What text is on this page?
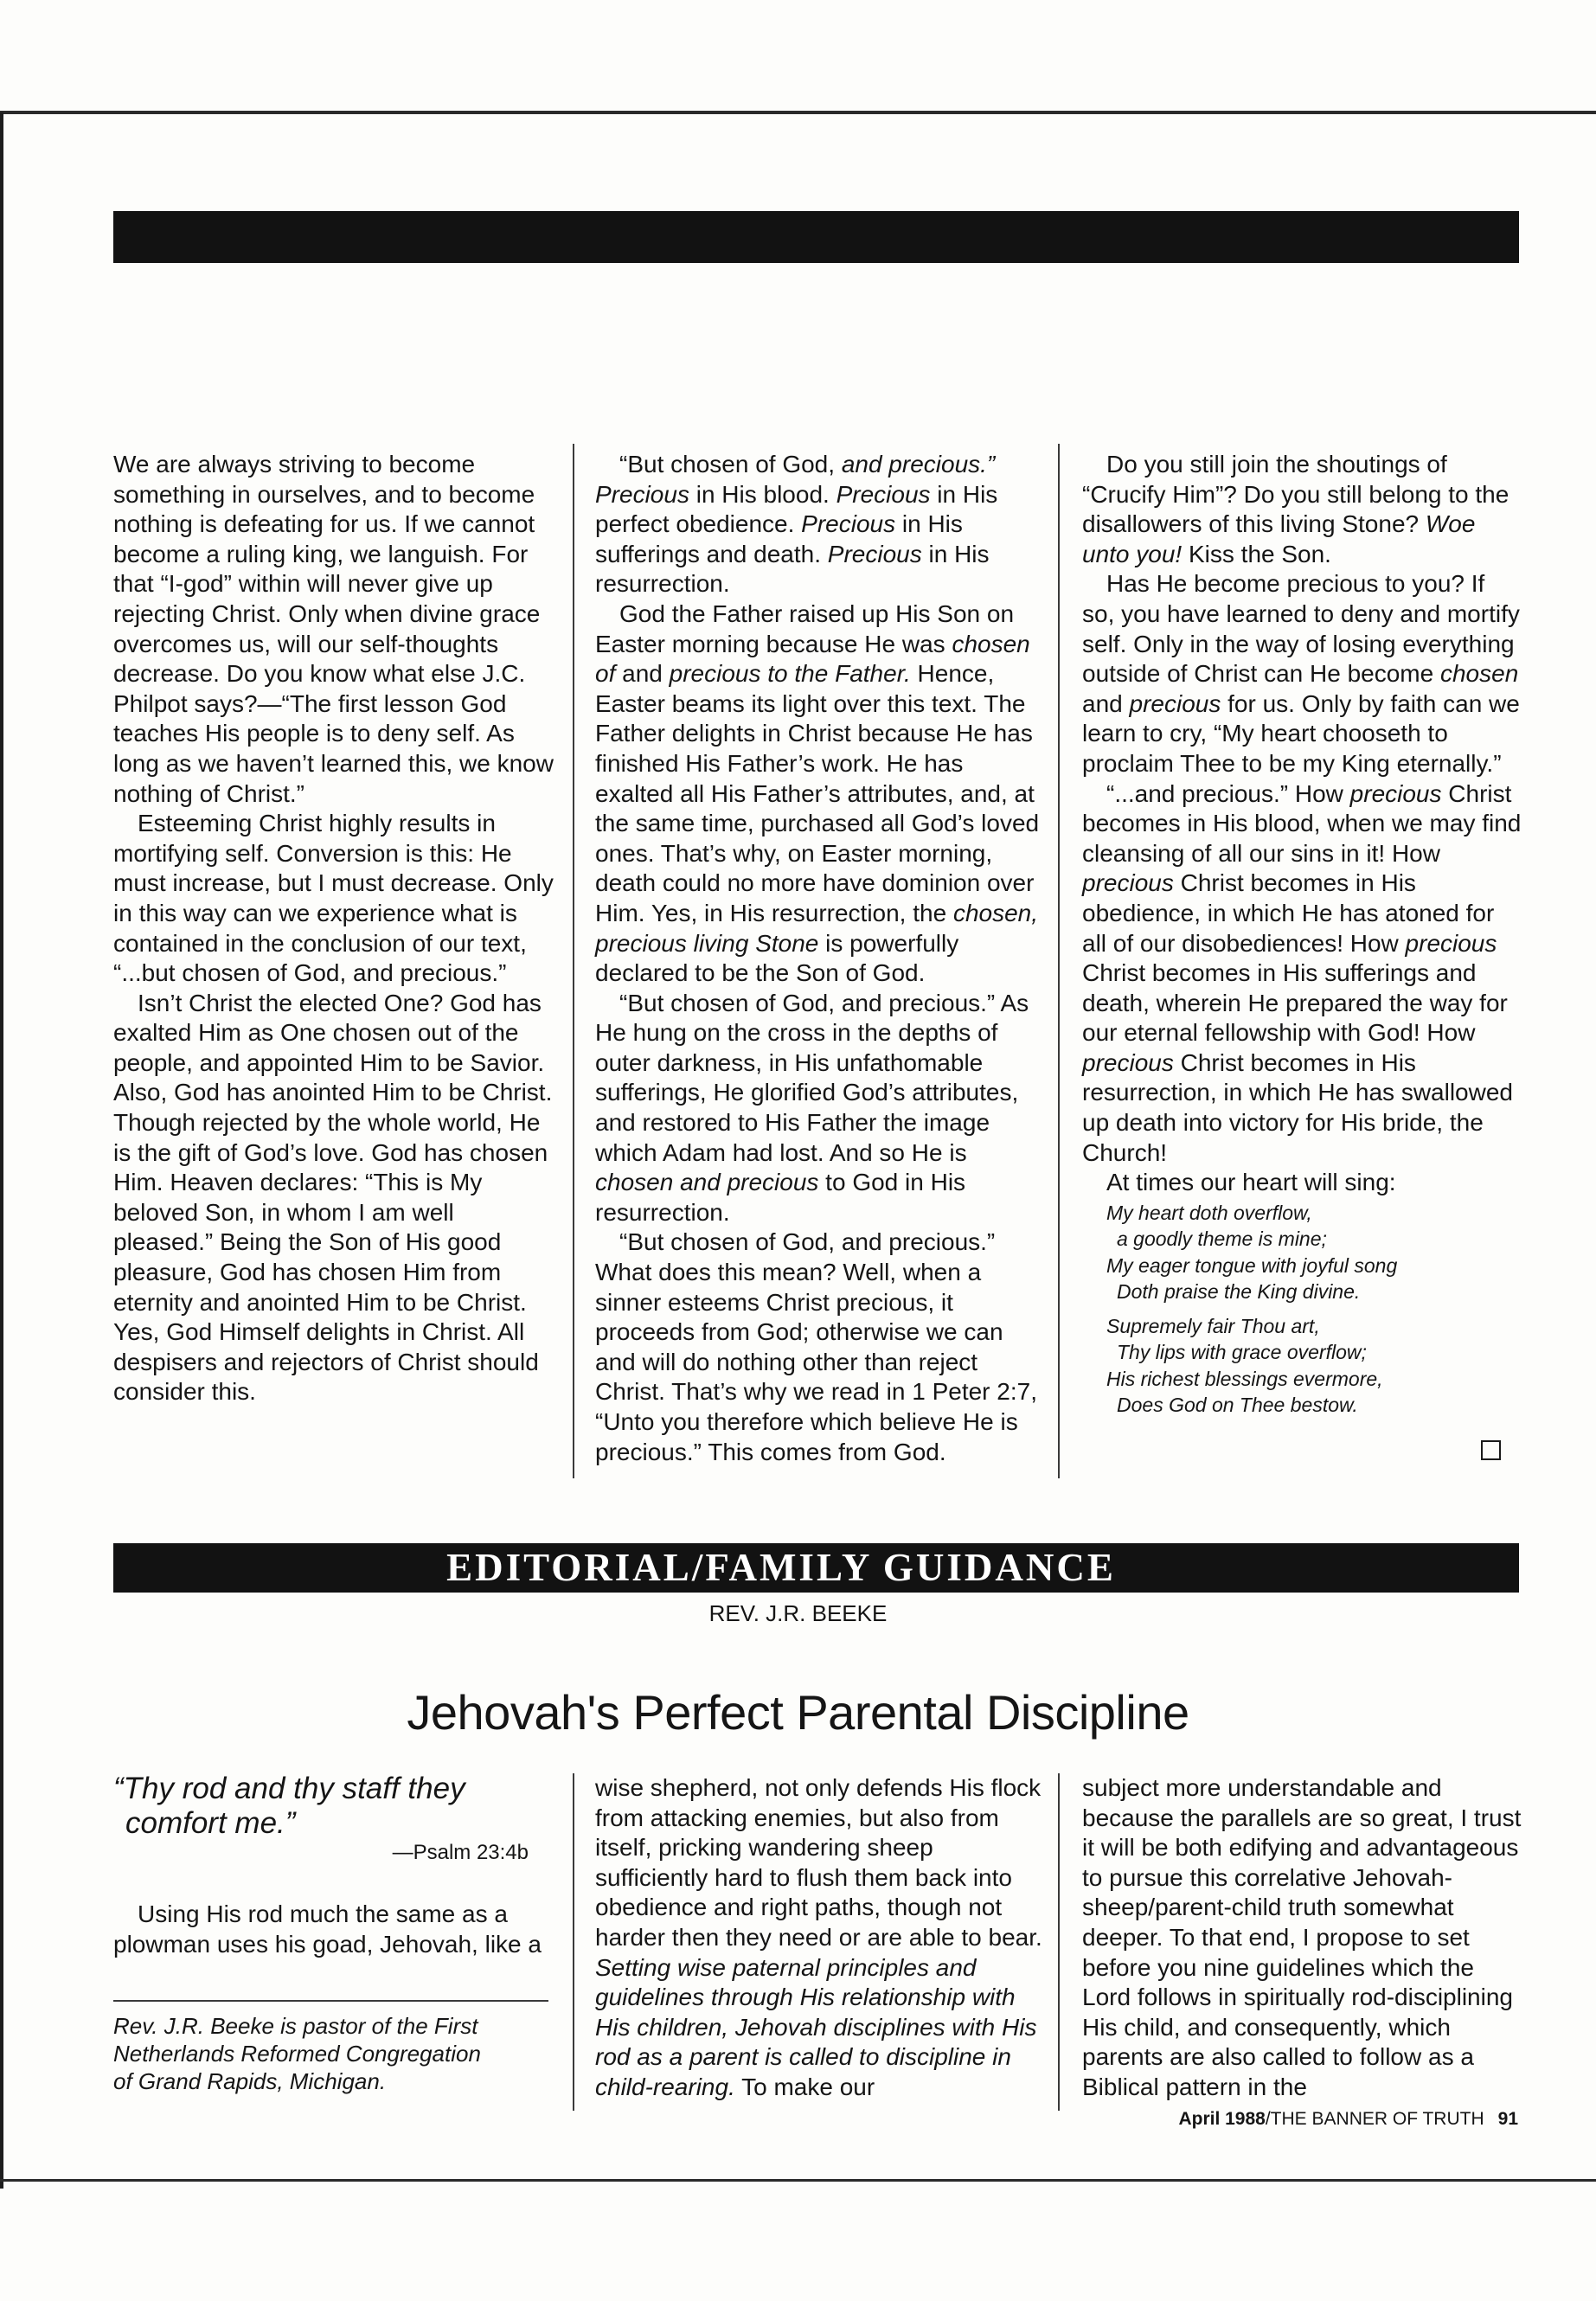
We are always striving to become something in ourselves, and to become nothing is defeating for us. If we cannot become a ruling king, we languish. For that “I-god” within will never give up rejecting Christ. Only when divine grace overcomes us, will our self-thoughts decrease. Do you know what else J.C. Philpot says?—“The first lesson God teaches His people is to deny self. As long as we haven’t learned this, we know nothing of Christ.”

Esteeming Christ highly results in mortifying self. Conversion is this: He must increase, but I must decrease. Only in this way can we experience what is contained in the conclusion of our text, “...but chosen of God, and precious.”

Isn’t Christ the elected One? God has exalted Him as One chosen out of the people, and appointed Him to be Savior. Also, God has anointed Him to be Christ. Though rejected by the whole world, He is the gift of God’s love. God has chosen Him. Heaven declares: “This is My beloved Son, in whom I am well pleased.” Being the Son of His good pleasure, God has chosen Him from eternity and anointed Him to be Christ. Yes, God Himself delights in Christ. All despisers and rejectors of Christ should consider this.

“But chosen of God, and precious.” Precious in His blood. Precious in His perfect obedience. Precious in His sufferings and death. Precious in His resurrection.

God the Father raised up His Son on Easter morning because He was chosen of and precious to the Father. Hence, Easter beams its light over this text. The Father delights in Christ because He has finished His Father’s work. He has exalted all His Father’s attributes, and, at the same time, purchased all God’s loved ones. That’s why, on Easter morning, death could no more have dominion over Him. Yes, in His resurrection, the chosen, precious living Stone is powerfully declared to be the Son of God.

“But chosen of God, and precious.” As He hung on the cross in the depths of outer darkness, in His unfathomable sufferings, He glorified God’s attributes, and restored to His Father the image which Adam had lost. And so He is chosen and precious to God in His resurrection.

“But chosen of God, and precious.” What does this mean? Well, when a sinner esteems Christ precious, it proceeds from God; otherwise we can and will do nothing other than reject Christ. That’s why we read in 1 Peter 2:7, “Unto you therefore which believe He is precious.” This comes from God.

Do you still join the shoutings of “Crucify Him”? Do you still belong to the disallowers of this living Stone? Woe unto you! Kiss the Son.

Has He become precious to you? If so, you have learned to deny and mortify self. Only in the way of losing everything outside of Christ can He become chosen and precious for us. Only by faith can we learn to cry, “My heart chooseth to proclaim Thee to be my King eternally.”

“...and precious.” How precious Christ becomes in His blood, when we may find cleansing of all our sins in it! How precious Christ becomes in His obedience, in which He has atoned for all of our disobediences! How precious Christ becomes in His sufferings and death, wherein He prepared the way for our eternal fellowship with God! How precious Christ becomes in His resurrection, in which He has swallowed up death into victory for His bride, the Church!

At times our heart will sing:

My heart doth overflow,
a goodly theme is mine;
My eager tongue with joyful song
Doth praise the King divine.
Supremely fair Thou art,
Thy lips with grace overflow;
His richest blessings evermore,
Does God on Thee bestow.
EDITORIAL/FAMILY GUIDANCE
REV. J.R. BEEKE
Jehovah's Perfect Parental Discipline
“Thy rod and thy staff they
comfort me.”
—Psalm 23:4b

Using His rod much the same as a plowman uses his goad, Jehovah, like a

Rev. J.R. Beeke is pastor of the First
Netherlands Reformed Congregation
of Grand Rapids, Michigan.

wise shepherd, not only defends His flock from attacking enemies, but also from itself, pricking wandering sheep sufficiently hard to flush them back into obedience and right paths, though not harder then they need or are able to bear. Setting wise paternal principles and guidelines through His relationship with His children, Jehovah disciplines with His rod as a parent is called to discipline in child-rearing. To make our

subject more understandable and because the parallels are so great, I trust it will be both edifying and advantageous to pursue this correlative Jehovah-sheep/parent-child truth somewhat deeper. To that end, I propose to set before you nine guidelines which the Lord follows in spiritually rod-disciplining His child, and consequently, which parents are also called to follow as a Biblical pattern in the

April 1988/THE BANNER OF TRUTH 91
